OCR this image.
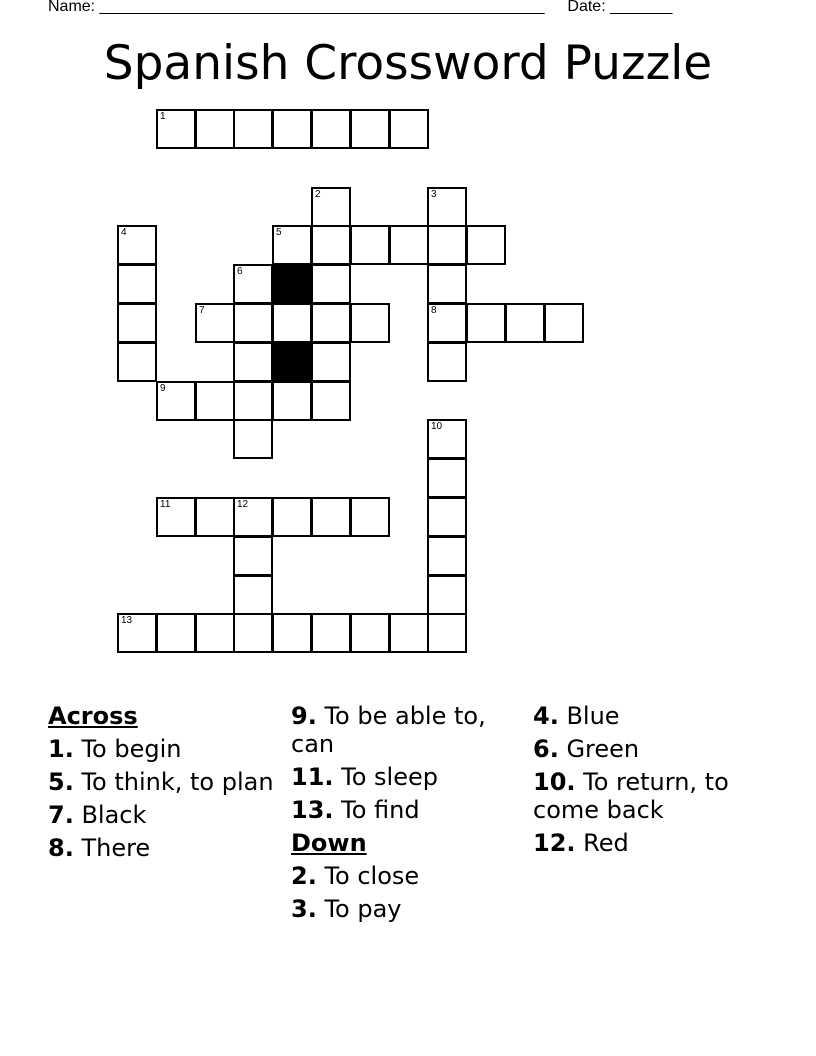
Name: __________________________________________________ Date: _______
Spanish Crossword Puzzle
1
2	3
4	5
6
7	8
9
10
11	12
13
Across
1. To begin
5. To think, to plan
7. Black
8. There
9. To be able to, can
11. To sleep
13. To find
Down
2. To close
3. To pay
4. Blue
6. Green
10. To return, to come back
12. Red
